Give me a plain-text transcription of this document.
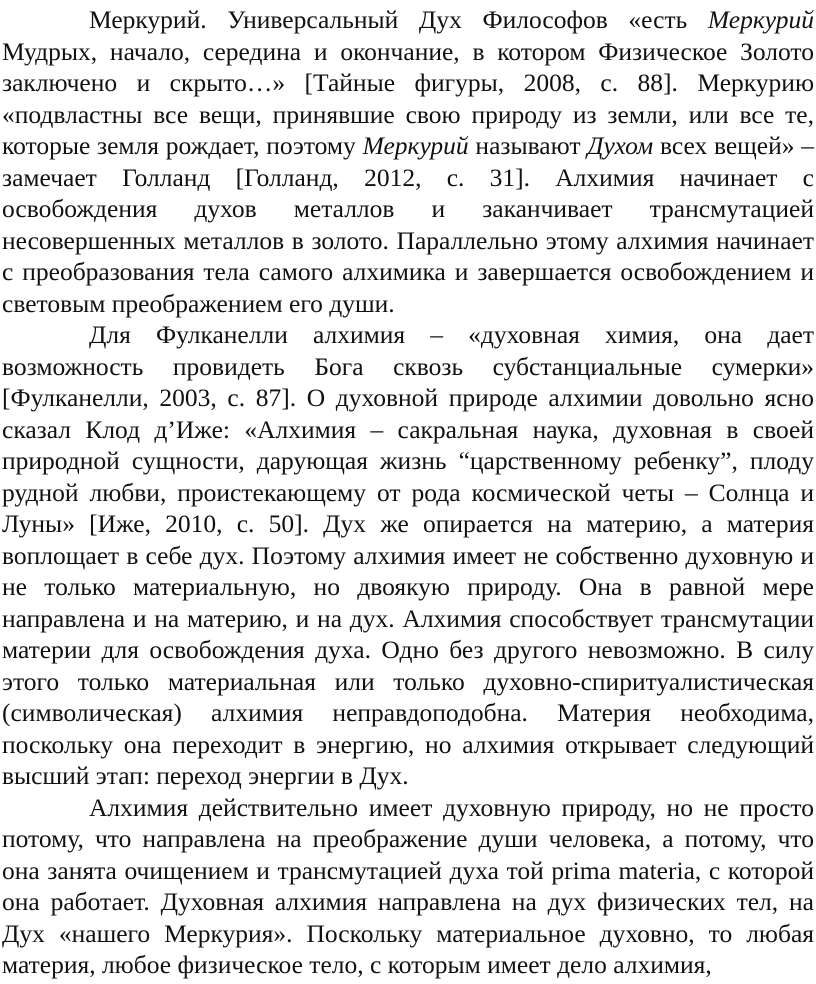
Меркурий. Универсальный Дух Философов «есть Меркурий Мудрых, начало, середина и окончание, в котором Физическое Золото заключено и скрыто…» [Тайные фигуры, 2008, с. 88]. Меркурию «подвластны все вещи, принявшие свою природу из земли, или все те, которые земля рождает, поэтому Меркурий называют Духом всех вещей» – замечает Голланд [Голланд, 2012, с. 31]. Алхимия начинает с освобождения духов металлов и заканчивает трансмутацией несовершенных металлов в золото. Параллельно этому алхимия начинает с преобразования тела самого алхимика и завершается освобождением и световым преображением его души.

Для Фулканелли алхимия – «духовная химия, она дает возможность провидеть Бога сквозь субстанциальные сумерки» [Фулканелли, 2003, с. 87]. О духовной природе алхимии довольно ясно сказал Клод д’Иже: «Алхимия – сакральная наука, духовная в своей природной сущности, дарующая жизнь “царственному ребенку”, плоду рудной любви, проистекающему от рода космической четы – Солнца и Луны» [Иже, 2010, с. 50]. Дух же опирается на материю, а материя воплощает в себе дух. Поэтому алхимия имеет не собственно духовную и не только материальную, но двоякую природу. Она в равной мере направлена и на материю, и на дух. Алхимия способствует трансмутации материи для освобождения духа. Одно без другого невозможно. В силу этого только материальная или только духовно-спиритуалистическая (символическая) алхимия неправдоподобна. Материя необходима, поскольку она переходит в энергию, но алхимия открывает следующий высший этап: переход энергии в Дух.

Алхимия действительно имеет духовную природу, но не просто потому, что направлена на преображение души человека, а потому, что она занята очищением и трансмутацией духа той prima materia, с которой она работает. Духовная алхимия направлена на дух физических тел, на Дух «нашего Меркурия». Поскольку материальное духовно, то любая материя, любое физическое тело, с которым имеет дело алхимия,
